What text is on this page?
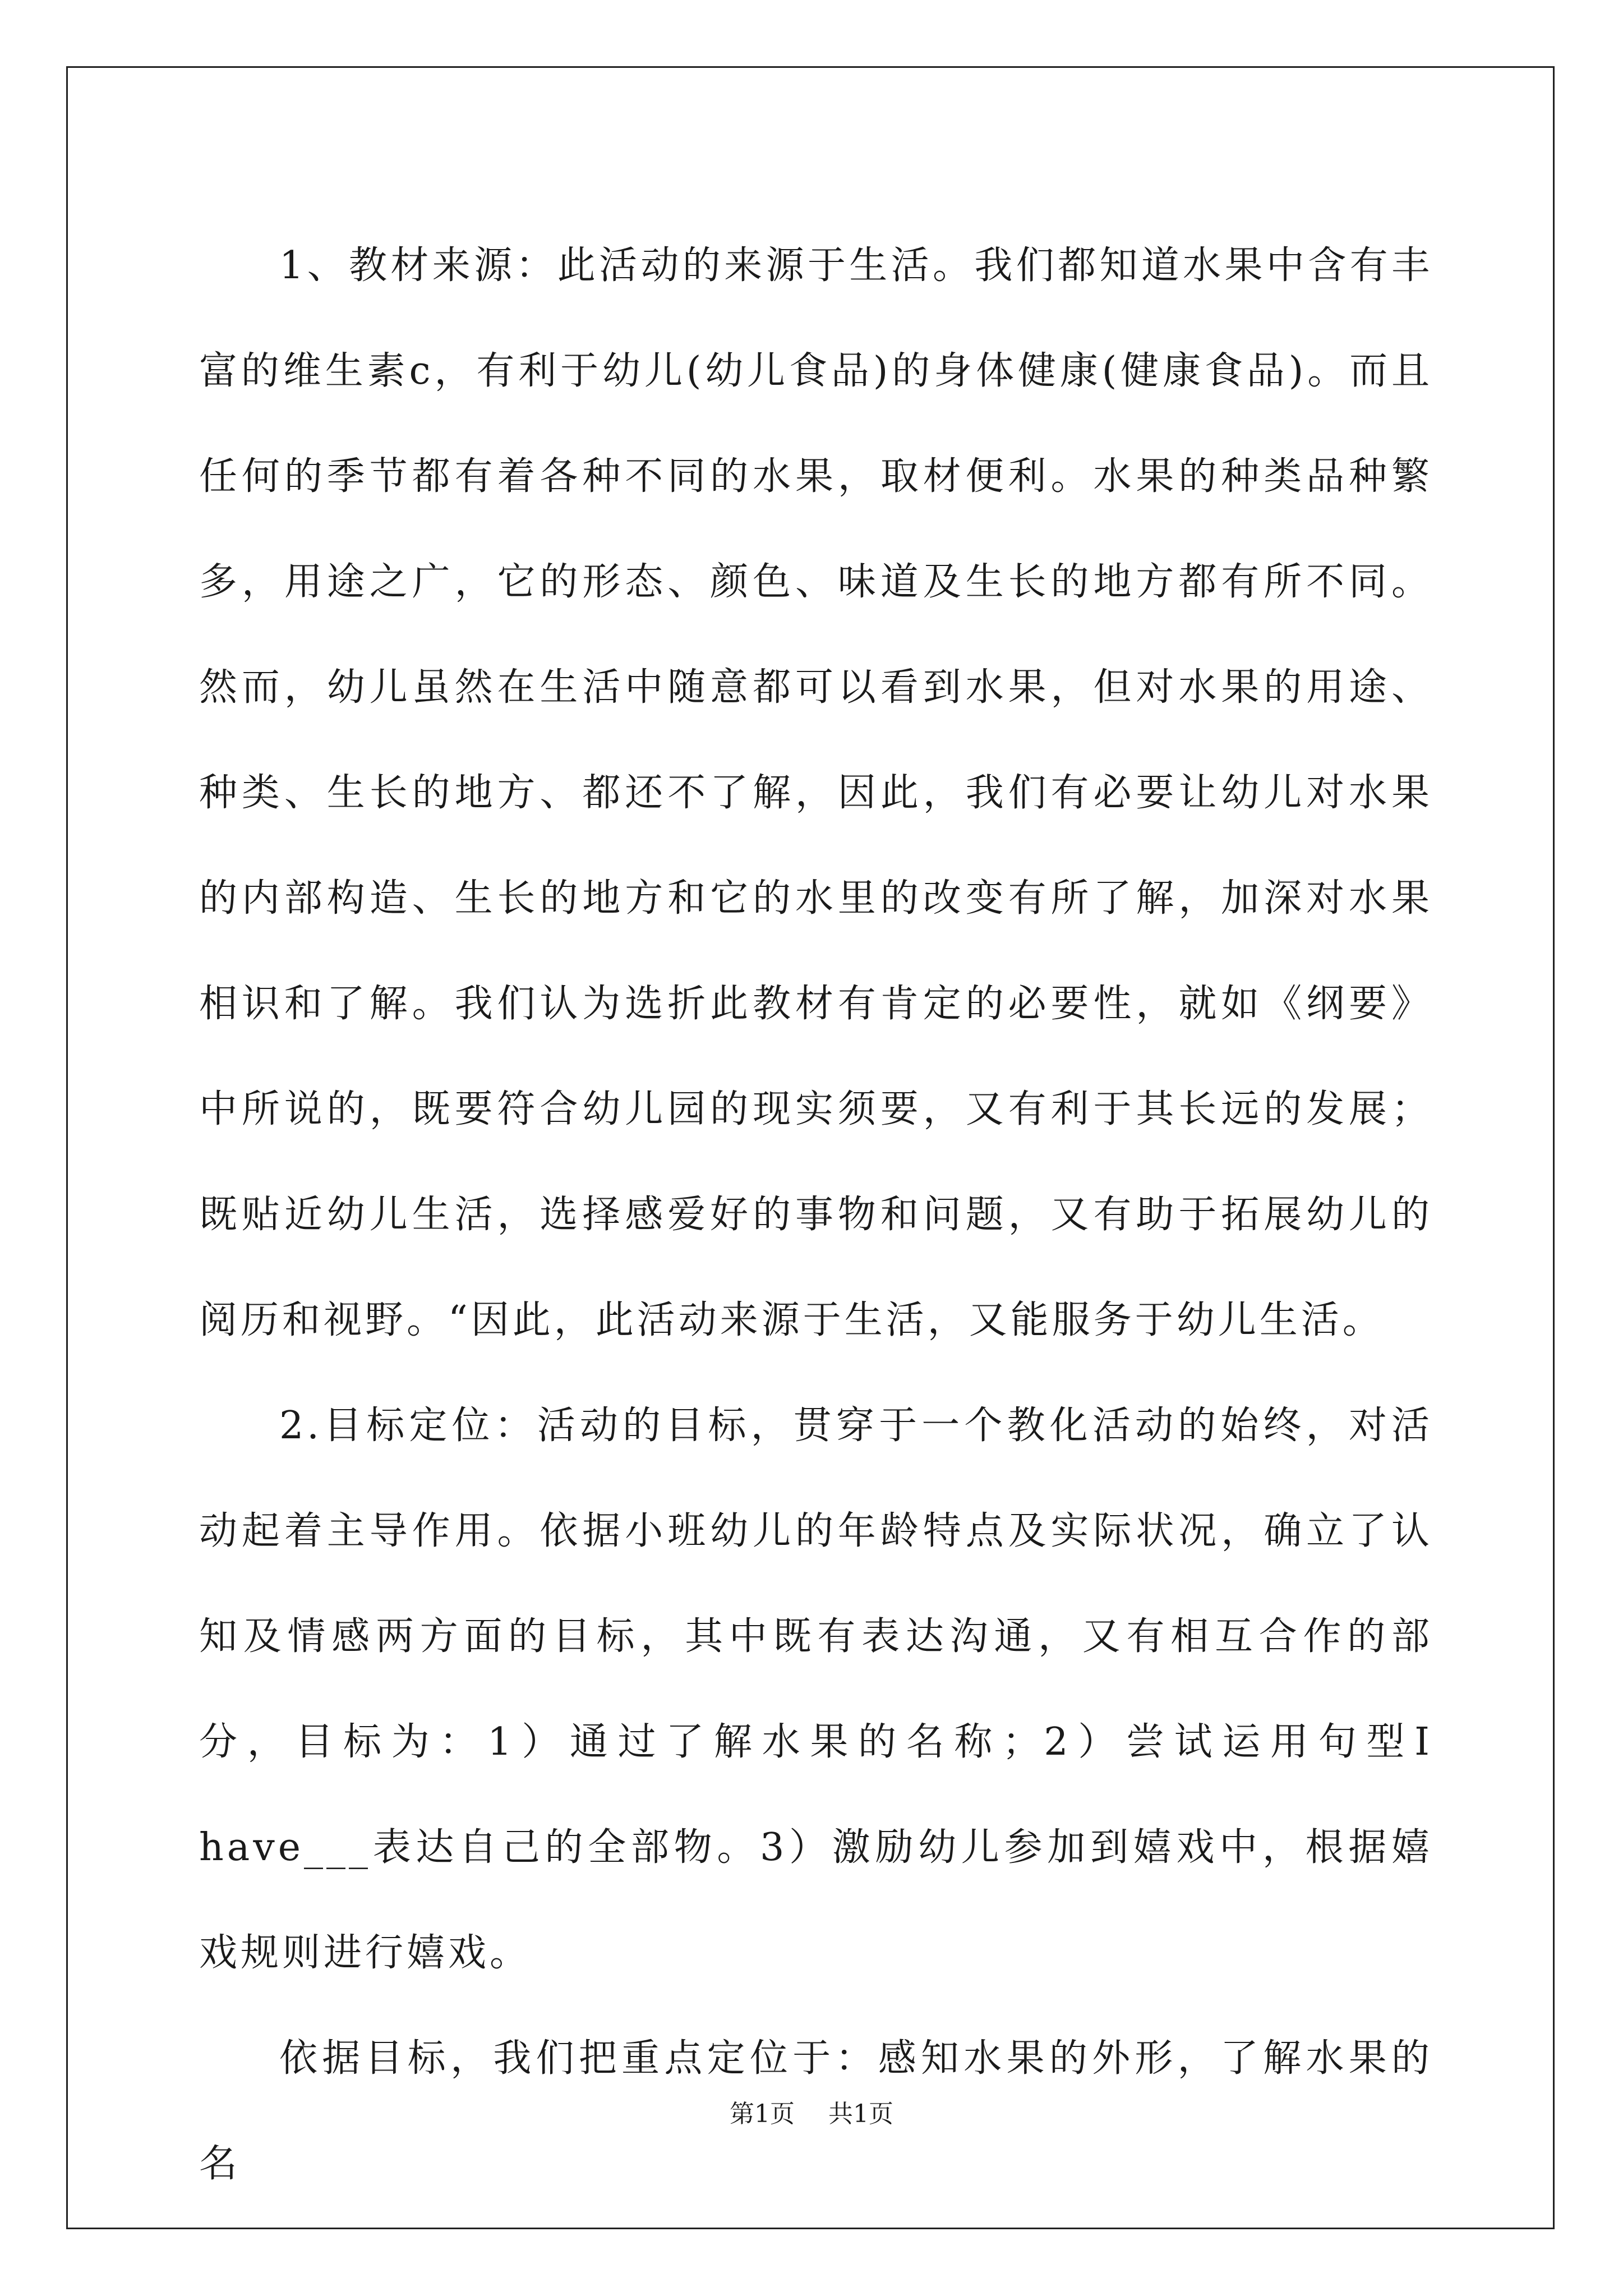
1、教材来源：此活动的来源于生活。我们都知道水果中含有丰富的维生素c，有利于幼儿(幼儿食品)的身体健康(健康食品)。而且任何的季节都有着各种不同的水果，取材便利。水果的种类品种繁多，用途之广，它的形态、颜色、味道及生长的地方都有所不同。然而，幼儿虽然在生活中随意都可以看到水果，但对水果的用途、种类、生长的地方、都还不了解，因此，我们有必要让幼儿对水果的内部构造、生长的地方和它的水里的改变有所了解，加深对水果相识和了解。我们认为选折此教材有肯定的必要性，就如《纲要》中所说的，既要符合幼儿园的现实须要，又有利于其长远的发展；既贴近幼儿生活，选择感爱好的事物和问题，又有助于拓展幼儿的阅历和视野。“因此，此活动来源于生活，又能服务于幼儿生活。

2.目标定位：活动的目标，贯穿于一个教化活动的始终，对活动起着主导作用。依据小班幼儿的年龄特点及实际状况，确立了认知及情感两方面的目标，其中既有表达沟通，又有相互合作的部分，目标为：1）通过了解水果的名称；2）尝试运用句型I have___表达自己的全部物。3）激励幼儿参加到嬉戏中，根据嬉戏规则进行嬉戏。

依据目标，我们把重点定位于：感知水果的外形，了解水果的名

第1页 共1页
